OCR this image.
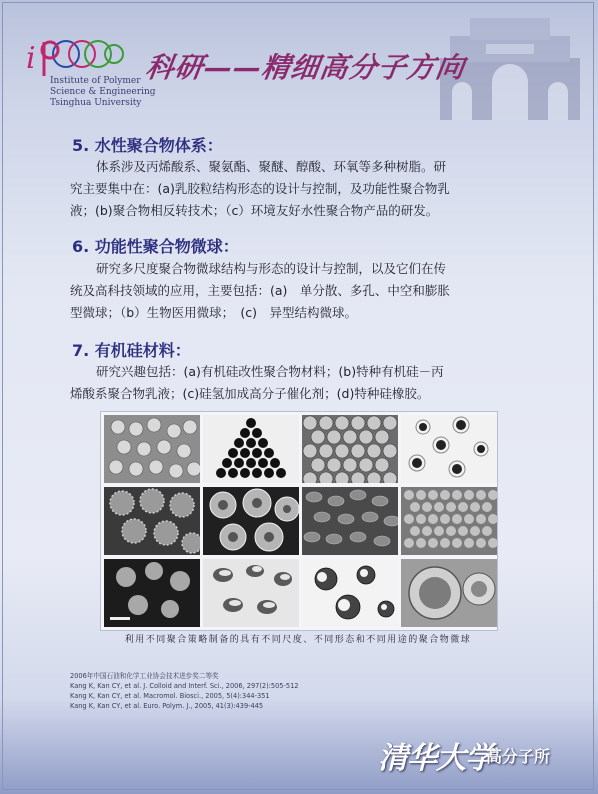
i
Institute of Polymer
Science & Engineering
Tsinghua University
科研——精细高分子方向
5. 水性聚合物体系：
体系涉及丙烯酸系、聚氨酯、聚醚、醇酸、环氧等多种树脂。研
究主要集中在：(a)乳胶粒结构形态的设计与控制，及功能性聚合物乳
液；(b)聚合物相反转技术；（c）环境友好水性聚合物产品的研发。
6. 功能性聚合物微球：
研究多尺度聚合物微球结构与形态的设计与控制，以及它们在传
统及高科技领域的应用，主要包括：(a)　单分散、多孔、中空和膨胀
型微球；（b）生物医用微球；　(c)　异型结构微球。
7. 有机硅材料：
研究兴趣包括：(a)有机硅改性聚合物材料；(b)特种有机硅－丙
烯酸系聚合物乳液；(c)硅氢加成高分子催化剂；(d)特种硅橡胶。
利用不同聚合策略制备的具有不同尺度、不同形态和不同用途的聚合物微球
2006年中国石油和化学工业协会技术进步奖二等奖
Kang K, Kan CY, et al. J. Colloid and Interf. Sci., 2006, 297(2):505-512
Kang K, Kan CY, et al. Macromol. Biosci., 2005, 5(4):344-351
Kang K, Kan CY, et al. Euro. Polym. J., 2005, 41(3):439-445
清华大学
高分子所
